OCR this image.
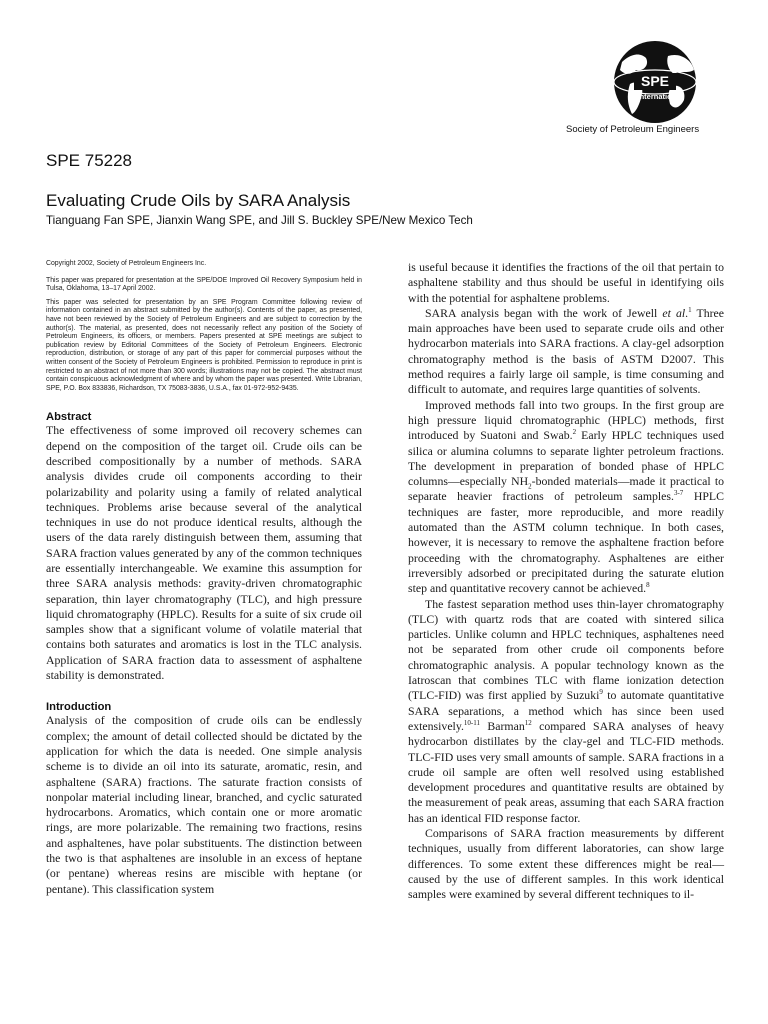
SPE
International
Society of Petroleum Engineers
SPE 75228
Evaluating Crude Oils by SARA Analysis
Tianguang Fan SPE, Jianxin Wang SPE, and Jill S. Buckley SPE/New Mexico Tech

Copyright 2002, Society of Petroleum Engineers Inc.

This paper was prepared for presentation at the SPE/DOE Improved Oil Recovery Symposium held in Tulsa, Oklahoma, 13–17 April 2002.

This paper was selected for presentation by an SPE Program Committee following review of information contained in an abstract submitted by the author(s). Contents of the paper, as presented, have not been reviewed by the Society of Petroleum Engineers and are subject to correction by the author(s). The material, as presented, does not necessarily reflect any position of the Society of Petroleum Engineers, its officers, or members. Papers presented at SPE meetings are subject to publication review by Editorial Committees of the Society of Petroleum Engineers. Electronic reproduction, distribution, or storage of any part of this paper for commercial purposes without the written consent of the Society of Petroleum Engineers is prohibited. Permission to reproduce in print is restricted to an abstract of not more than 300 words; illustrations may not be copied. The abstract must contain conspicuous acknowledgment of where and by whom the paper was presented. Write Librarian, SPE, P.O. Box 833836, Richardson, TX 75083-3836, U.S.A., fax 01-972-952-9435.

Abstract

The effectiveness of some improved oil recovery schemes can depend on the composition of the target oil. Crude oils can be described compositionally by a number of methods. SARA analysis divides crude oil components according to their polarizability and polarity using a family of related analytical techniques. Problems arise because several of the analytical techniques in use do not produce identical results, although the users of the data rarely distinguish between them, assuming that SARA fraction values generated by any of the common techniques are essentially interchangeable. We examine this assumption for three SARA analysis methods: gravity-driven chromatographic separation, thin layer chromatography (TLC), and high pressure liquid chromatography (HPLC). Results for a suite of six crude oil samples show that a significant volume of volatile material that contains both saturates and aromatics is lost in the TLC analysis. Application of SARA fraction data to assessment of asphaltene stability is demonstrated.

Introduction

Analysis of the composition of crude oils can be endlessly complex; the amount of detail collected should be dictated by the application for which the data is needed. One simple analysis scheme is to divide an oil into its saturate, aromatic, resin, and asphaltene (SARA) fractions. The saturate fraction consists of nonpolar material including linear, branched, and cyclic saturated hydrocarbons. Aromatics, which contain one or more aromatic rings, are more polarizable. The remaining two fractions, resins and asphaltenes, have polar substituents. The distinction between the two is that asphaltenes are insoluble in an excess of heptane (or pentane) whereas resins are miscible with heptane (or pentane). This classification system

is useful because it identifies the fractions of the oil that pertain to asphaltene stability and thus should be useful in identifying oils with the potential for asphaltene problems.

SARA analysis began with the work of Jewell et al.$^1$ Three main approaches have been used to separate crude oils and other hydrocarbon materials into SARA fractions. A clay-gel adsorption chromatography method is the basis of ASTM D2007. This method requires a fairly large oil sample, is time consuming and difficult to automate, and requires large quantities of solvents.

Improved methods fall into two groups. In the first group are high pressure liquid chromatographic (HPLC) methods, first introduced by Suatoni and Swab.$^2$ Early HPLC techniques used silica or alumina columns to separate lighter petroleum fractions. The development in preparation of bonded phase of HPLC columns—especially $NH_2$-bonded materials—made it practical to separate heavier fractions of petroleum samples.$^{3-7}$ HPLC techniques are faster, more reproducible, and more readily automated than the ASTM column technique. In both cases, however, it is necessary to remove the asphaltene fraction before proceeding with the chromatography. Asphaltenes are either irreversibly adsorbed or precipitated during the saturate elution step and quantitative recovery cannot be achieved.$^8$

The fastest separation method uses thin-layer chromatography (TLC) with quartz rods that are coated with sintered silica particles. Unlike column and HPLC techniques, asphaltenes need not be separated from other crude oil components before chromatographic analysis. A popular technology known as the Iatroscan that combines TLC with flame ionization detection (TLC-FID) was first applied by Suzuki$^9$ to automate quantitative SARA separations, a method which has since been used extensively.$^{10-11}$ Barman$^{12}$ compared SARA analyses of heavy hydrocarbon distillates by the clay-gel and TLC-FID methods. TLC-FID uses very small amounts of sample. SARA fractions in a crude oil sample are often well resolved using established development procedures and quantitative results are obtained by the measurement of peak areas, assuming that each SARA fraction has an identical FID response factor.

Comparisons of SARA fraction measurements by different techniques, usually from different laboratories, can show large differences. To some extent these differences might be real—caused by the use of different samples. In this work identical samples were examined by several different techniques to il-
